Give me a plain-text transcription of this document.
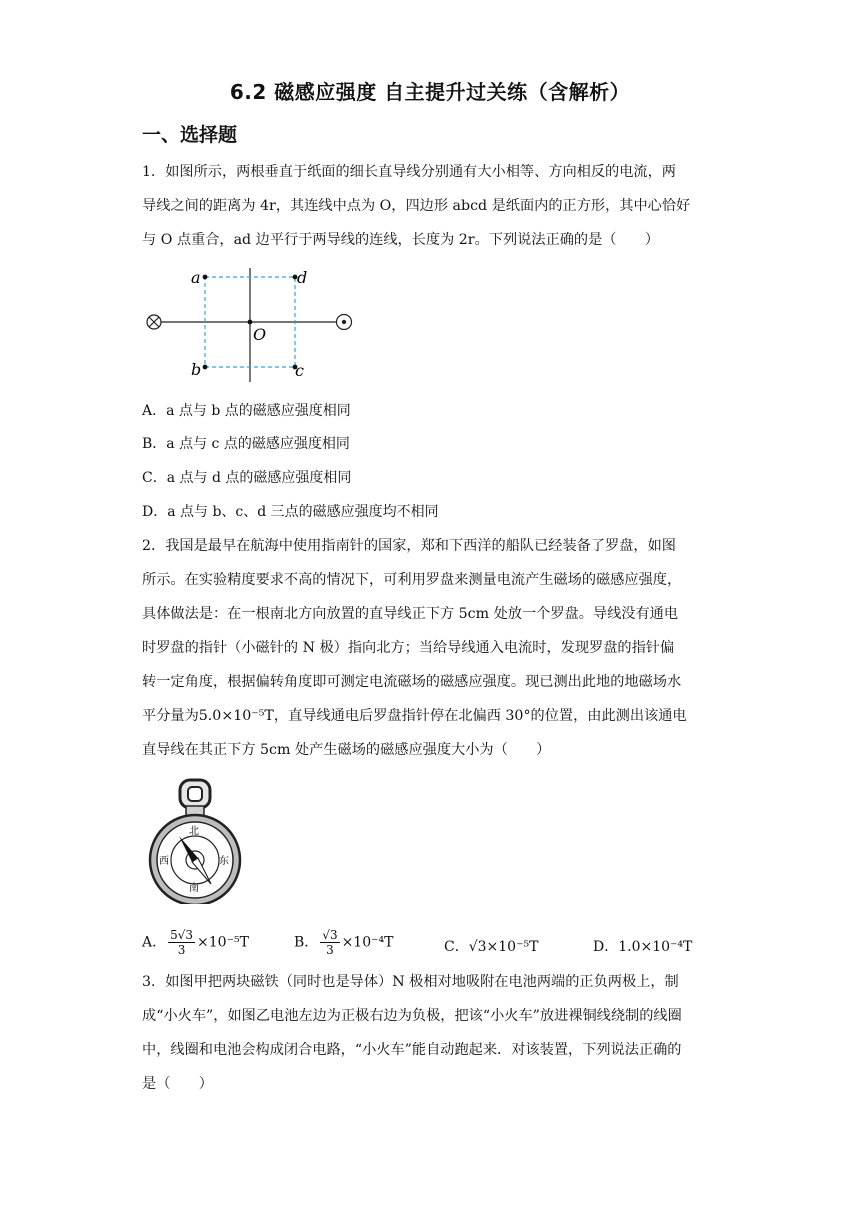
6.2 磁感应强度 自主提升过关练（含解析）
一、选择题
1．如图所示，两根垂直于纸面的细长直导线分别通有大小相等、方向相反的电流，两
导线之间的距离为 4r，其连线中点为 O，四边形 abcd 是纸面内的正方形，其中心恰好
与 O 点重合，ad 边平行于两导线的连线，长度为 2r。下列说法正确的是（　　）
a	d
b	c
O
A．a 点与 b 点的磁感应强度相同
B．a 点与 c 点的磁感应强度相同
C．a 点与 d 点的磁感应强度相同
D．a 点与 b、c、d 三点的磁感应强度均不相同
2．我国是最早在航海中使用指南针的国家，郑和下西洋的船队已经装备了罗盘，如图
所示。在实验精度要求不高的情况下，可利用罗盘来测量电流产生磁场的磁感应强度，
具体做法是：在一根南北方向放置的直导线正下方 5cm 处放一个罗盘。导线没有通电
时罗盘的指针（小磁针的 N 极）指向北方；当给导线通入电流时，发现罗盘的指针偏
转一定角度，根据偏转角度即可测定电流磁场的磁感应强度。现已测出此地的地磁场水
平分量为5.0×10⁻⁵T，直导线通电后罗盘指针停在北偏西 30°的位置，由此测出该通电
直导线在其正下方 5cm 处产生磁场的磁感应强度大小为（　　）
北
南
西	东
A． $\frac{5√3}{3} \times 10^{-5}T$	B． $\frac{√3}{3} \times 10^{-4}T$	C．√3×10⁻⁵T	D．1.0×10⁻⁴T
3．如图甲把两块磁铁（同时也是导体）N 极相对地吸附在电池两端的正负两极上，制
成“小火车”，如图乙电池左边为正极右边为负极，把该“小火车”放进裸铜线绕制的线圈
中，线圈和电池会构成闭合电路，“小火车”能自动跑起来．对该装置，下列说法正确的
是（　　）
